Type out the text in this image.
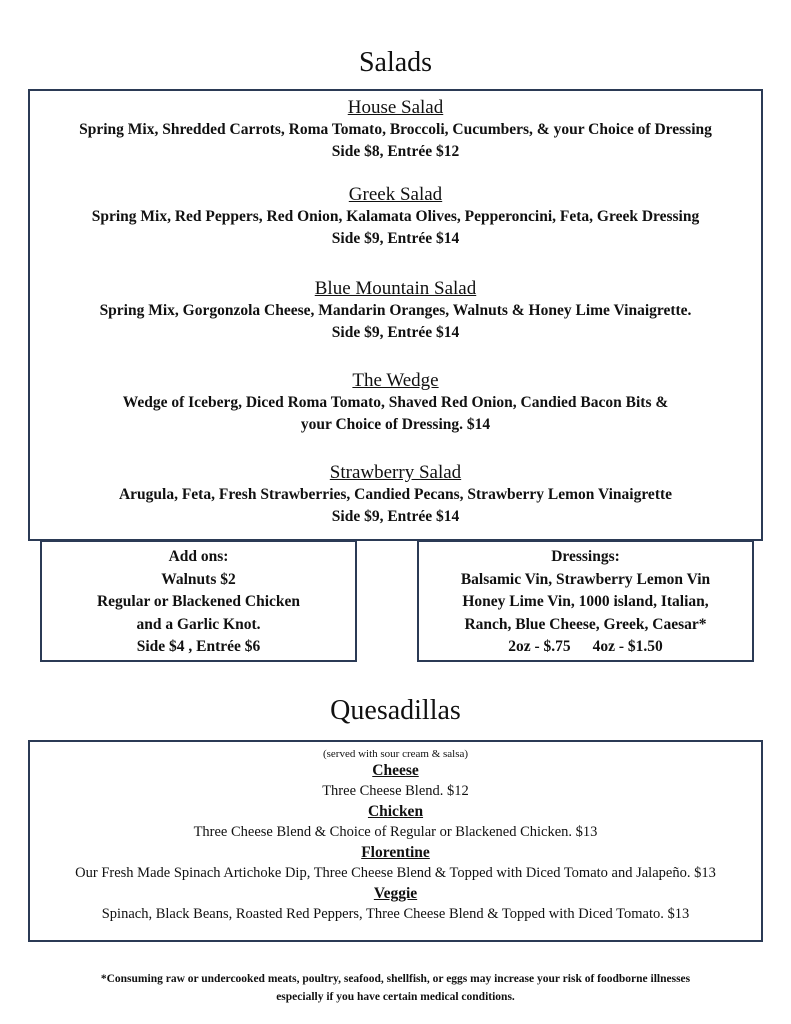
Salads
House Salad
Spring Mix, Shredded Carrots, Roma Tomato, Broccoli, Cucumbers, & your Choice of Dressing
Side $8, Entrée $12
Greek Salad
Spring Mix, Red Peppers, Red Onion, Kalamata Olives, Pepperoncini, Feta, Greek Dressing
Side $9, Entrée $14
Blue Mountain Salad
Spring Mix, Gorgonzola Cheese, Mandarin Oranges, Walnuts & Honey Lime Vinaigrette.
Side $9, Entrée $14
The Wedge
Wedge of Iceberg, Diced Roma Tomato, Shaved Red Onion, Candied Bacon Bits &
your Choice of Dressing. $14
Strawberry Salad
Arugula, Feta, Fresh Strawberries, Candied Pecans, Strawberry Lemon Vinaigrette
Side $9, Entrée $14
Add ons:
Walnuts $2
Regular or Blackened Chicken
and a Garlic Knot.
Side $4 , Entrée $6
Dressings:
Balsamic Vin, Strawberry Lemon Vin
Honey Lime Vin, 1000 island, Italian,
Ranch, Blue Cheese, Greek, Caesar*
2oz - $.75 4oz - $1.50
Quesadillas
(served with sour cream & salsa)
Cheese
Three Cheese Blend. $12
Chicken
Three Cheese Blend & Choice of Regular or Blackened Chicken. $13
Florentine
Our Fresh Made Spinach Artichoke Dip, Three Cheese Blend & Topped with Diced Tomato and Jalapeño. $13
Veggie
Spinach, Black Beans, Roasted Red Peppers, Three Cheese Blend & Topped with Diced Tomato. $13
*Consuming raw or undercooked meats, poultry, seafood, shellfish, or eggs may increase your risk of foodborne illnesses
especially if you have certain medical conditions.
